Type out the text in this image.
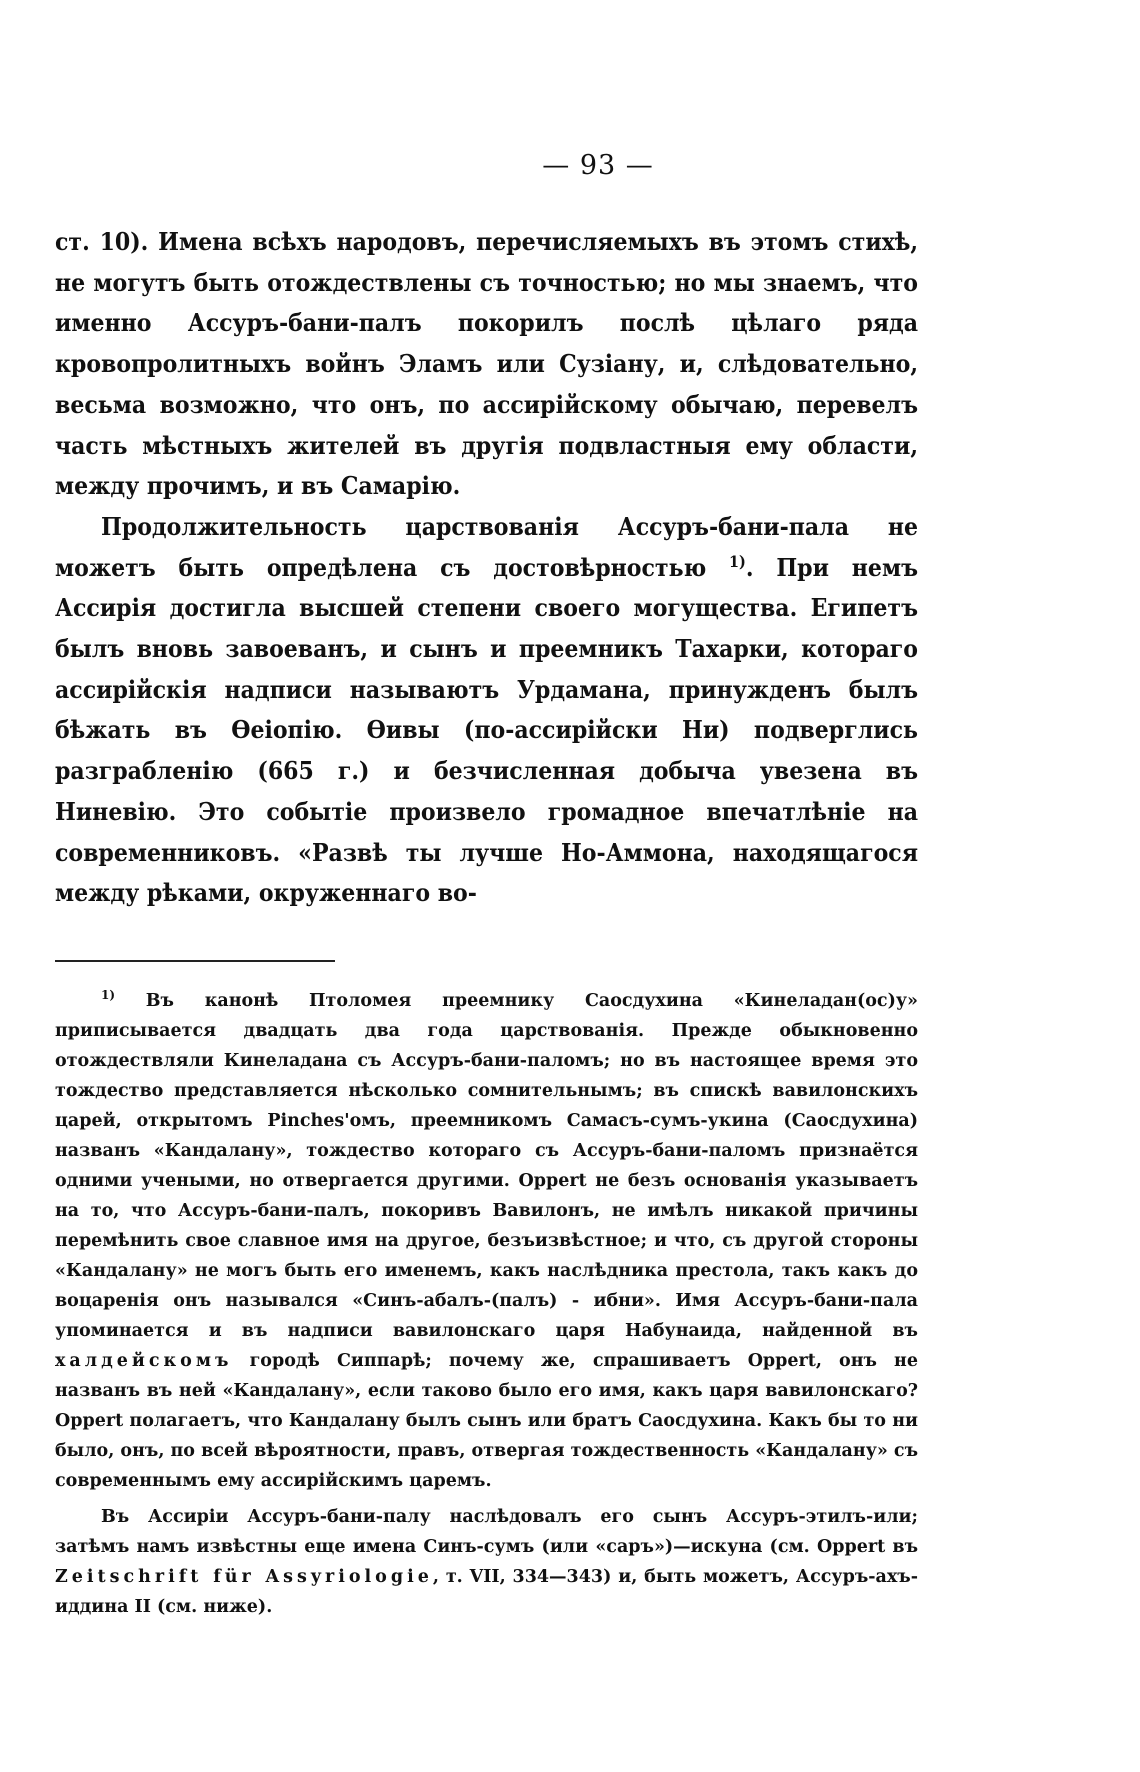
— 93 —

ст. 10). Имена всѣхъ народовъ, перечисляемыхъ въ этомъ стихѣ, не могутъ быть отождествлены съ точностью; но мы знаемъ, что именно Ассуръ-бани-палъ покорилъ послѣ цѣлаго ряда кровопролитныхъ войнъ Эламъ или Сузіану, и, слѣдовательно, весьма возможно, что онъ, по ассирійскому обычаю, перевелъ часть мѣстныхъ жителей въ другія подвластныя ему области, между прочимъ, и въ Самарію.

Продолжительность царствованія Ассуръ-бани-пала не можетъ быть опредѣлена съ достовѣрностью $^{1)}$. При немъ Ассирія достигла высшей степени своего могущества. Египетъ былъ вновь завоеванъ, и сынъ и преемникъ Тахарки, котораго ассирійскія надписи называютъ Урдамана, принужденъ былъ бѣжать въ Ѳеіопію. Ѳивы (по-ассирійски Ни) подверглись разграбленію (665 г.) и безчисленная добыча увезена въ Ниневію. Это событіе произвело громадное впечатлѣніе на современниковъ. «Развѣ ты лучше Но-Аммона, находящагося между рѣками, окруженнаго во-

$^{1)}$ Въ канонѣ Птоломея преемнику Саосдухина «Кинеладан(ос)у» приписывается двадцать два года царствованія. Прежде обыкновенно отождествляли Кинеладана съ Ассуръ-бани-паломъ; но въ настоящее время это тождество представляется нѣсколько сомнительнымъ; въ спискѣ вавилонскихъ царей, открытомъ Pinches'омъ, преемникомъ Самасъ-сумъ-укина (Саосдухина) названъ «Кандалану», тождество котораго съ Ассуръ-бани-паломъ признаётся одними учеными, но отвергается другими. Oppert не безъ основанія указываетъ на то, что Ассуръ-бани-палъ, покоривъ Вавилонъ, не имѣлъ никакой причины перемѣнить свое славное имя на другое, безъизвѣстное; и что, съ другой стороны «Кандалану» не могъ быть его именемъ, какъ наслѣдника престола, такъ какъ до воцаренія онъ назывался «Синъ-абалъ-(палъ) - ибни». Имя Ассуръ-бани-пала упоминается и въ надписи вавилонскаго царя Набунаида, найденной въ халдейскомъ городѣ Сиппарѣ; почему же, спрашиваетъ Oppert, онъ не названъ въ ней «Кандалану», если таково было его имя, какъ царя вавилонскаго? Oppert полагаетъ, что Кандалану былъ сынъ или братъ Саосдухина. Какъ бы то ни было, онъ, по всей вѣроятности, правъ, отвергая тождественность «Кандалану» съ современнымъ ему ассирійскимъ царемъ.

Въ Ассиріи Ассуръ-бани-палу наслѣдовалъ его сынъ Ассуръ-этилъ-или; затѣмъ намъ извѣстны еще имена Синъ-сумъ (или «саръ»)—искуна (см. Oppert въ Zeitschrift für Assyriologie, т. VII, 334—343) и, быть можетъ, Ассуръ-ахъ-иддина II (см. ниже).
